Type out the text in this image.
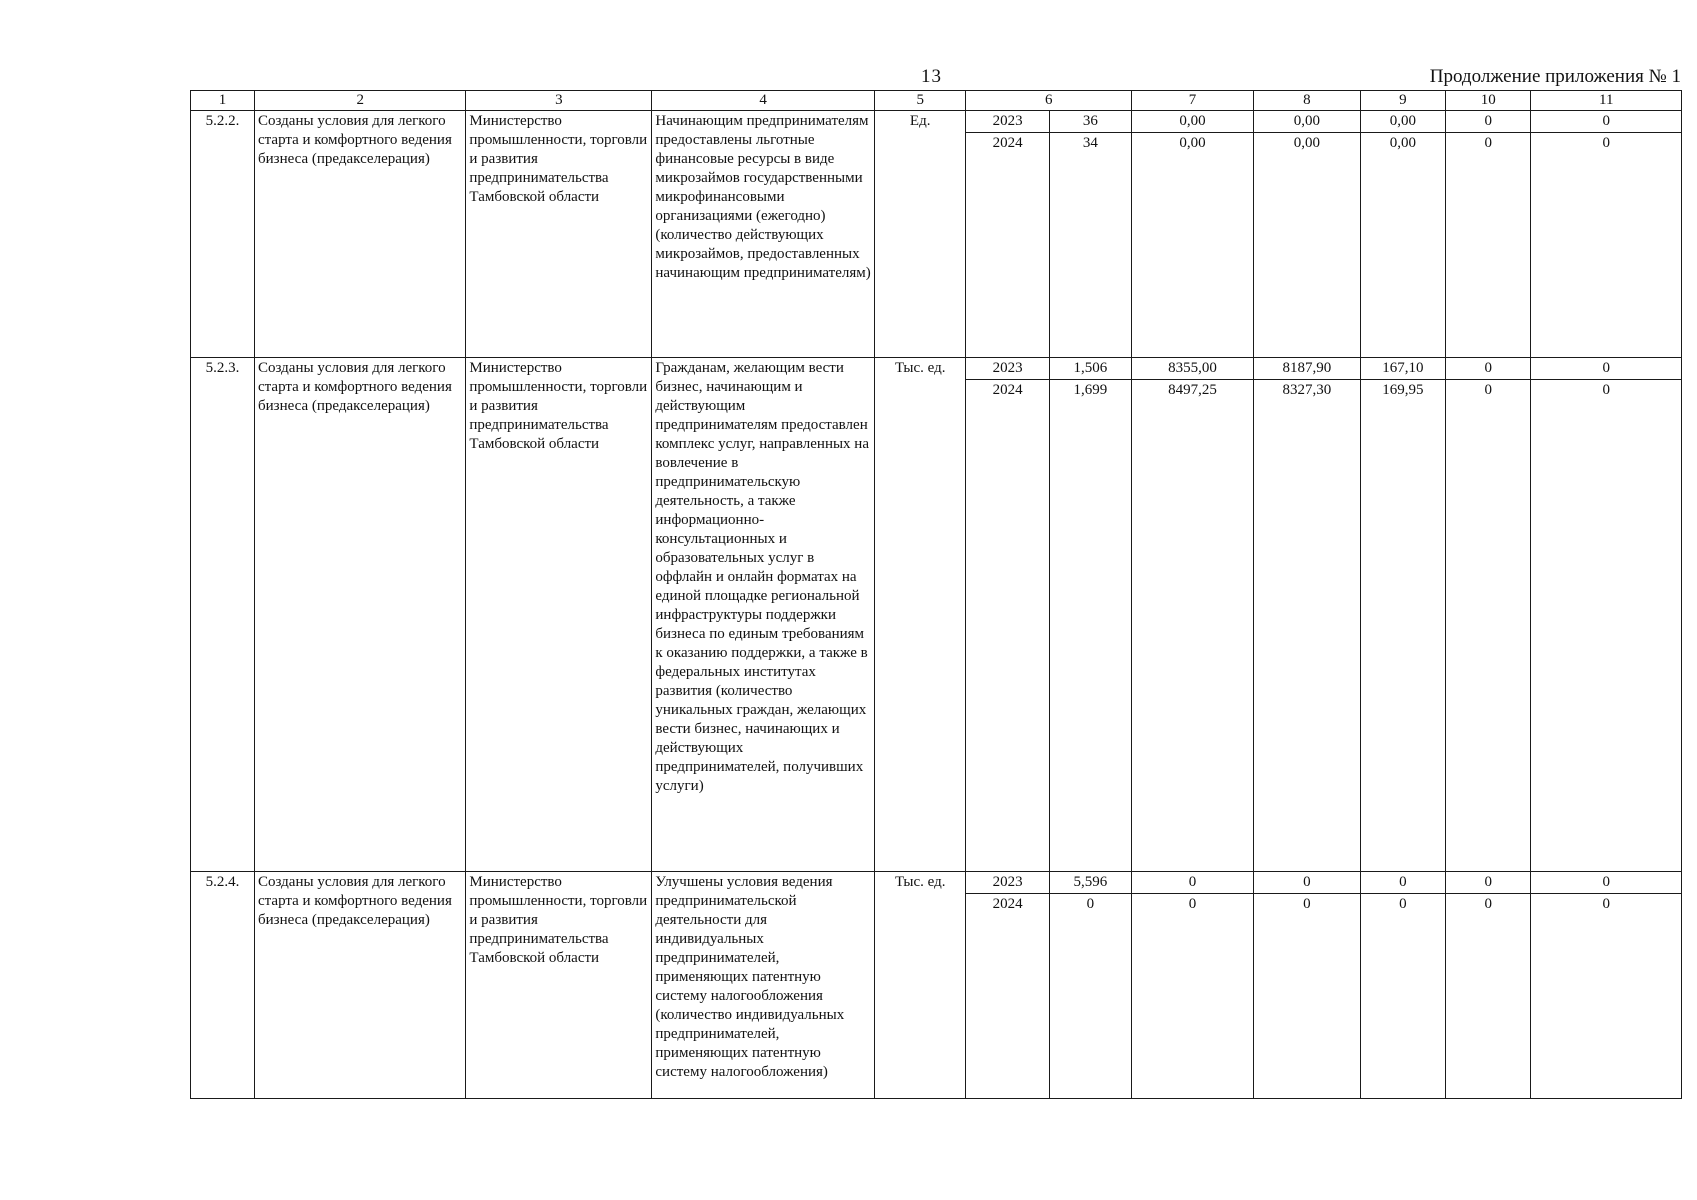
13	Продолжение приложения № 1
1	2	3	4	5	6		7	8	9	10	11
5.2.2.	Созданы условия для легкого старта и комфортного ведения бизнеса (предакселерация)	Министерство промышленности, торговли и развития предпринимательства Тамбовской области	Начинающим предпринимателям предоставлены льготные финансовые ресурсы в виде микрозаймов государственными микрофинансовыми организациями (ежегодно) (количество действующих микрозаймов, предоставленных начинающим предпринимателям)	Ед.	2023	36	0,00	0,00	0,00	0	0
					2024	34	0,00	0,00	0,00	0	0
5.2.3.	Созданы условия для легкого старта и комфортного ведения бизнеса (предакселерация)	Министерство промышленности, торговли и развития предпринимательства Тамбовской области	Гражданам, желающим вести бизнес, начинающим и действующим предпринимателям предоставлен комплекс услуг, направленных на вовлечение в предпринимательскую деятельность, а также информационно-консультационных и образовательных услуг в оффлайн и онлайн форматах на единой площадке региональной инфраструктуры поддержки бизнеса по единым требованиям к оказанию поддержки, а также в федеральных институтах развития (количество уникальных граждан, желающих вести бизнес, начинающих и действующих предпринимателей, получивших услуги)	Тыс. ед.	2023	1,506	8355,00	8187,90	167,10	0	0
					2024	1,699	8497,25	8327,30	169,95	0	0
5.2.4.	Созданы условия для легкого старта и комфортного ведения бизнеса (предакселерация)	Министерство промышленности, торговли и развития предпринимательства Тамбовской области	Улучшены условия ведения предпринимательской деятельности для индивидуальных предпринимателей, применяющих патентную систему налогообложения (количество индивидуальных предпринимателей, применяющих патентную систему налогообложения)	Тыс. ед.	2023	5,596	0	0	0	0	0
					2024	0	0	0	0	0	0
